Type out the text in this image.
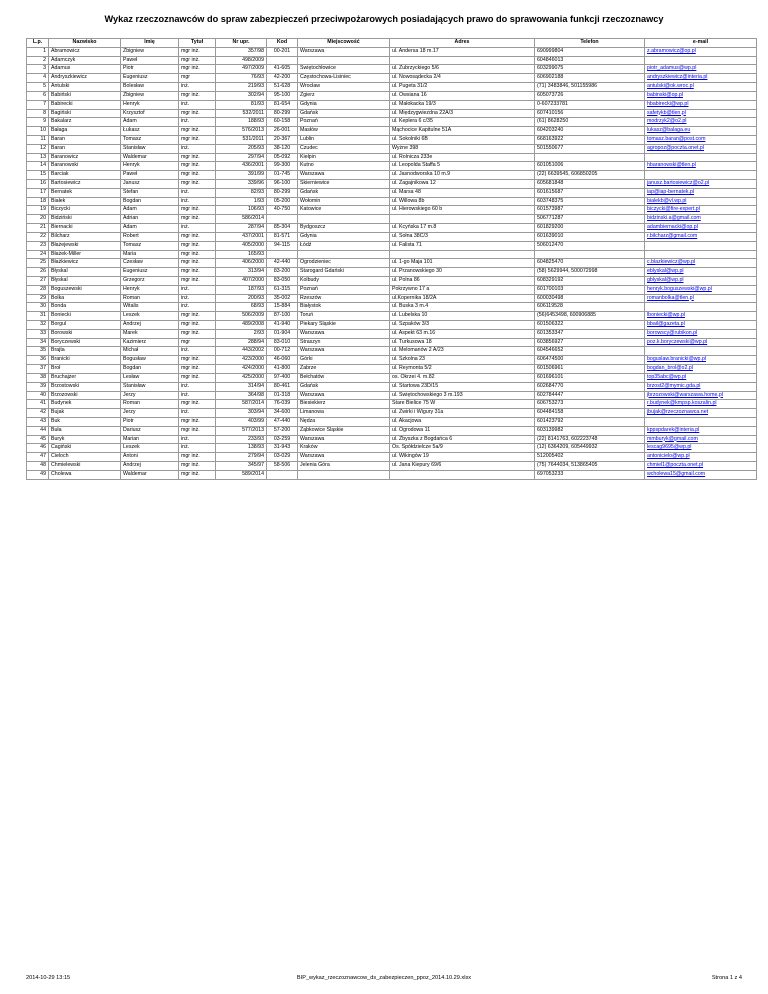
Wykaz rzeczoznawców do spraw zabezpieczeń przeciwpożarowych posiadających prawo do sprawowania funkcji rzeczoznawcy
L.p.	Nazwisko	Imię	Tytuł	Nr upr.	Kod	Miejscowość	Adres	Telefon	e-mail
1	Abramowicz	Zbigniew	mgr inż.	357/98	00-201	Warszawa	ul. Andersa 18 m.17	690999804	z.abramowicz@op.pl
2	Adamczyk	Paweł	mgr inż.	498/2009				604846013	
3	Adamus	Piotr	mgr inż.	497/2009	41-605	Świętochłowice	ul. Zubrzyckiego 5/6	603299075	piotr_adamus@wp.pl
4	Andryszkiewicz	Eugeniusz	mgr	76/93	42-200	Częstochowa-Lisiniec	ul. Nowosądecka 2/4	606902188	andryszkiewicz@interia.pl
5	Antulski	Bolesław	inż.	219/93	51-628	Wrocław	ul. Pugeta 31/2	(71) 3483846, 501155986	antulski@ok.wroc.pl
6	Babiński	Zbigniew	mgr inż.	302/94	95-100	Zgierz	ul. Owsiana 16	605073726	babinski@op.pl
7	Babirecki	Henryk	inż.	81/93	81-654	Gdynia	ul. Małokacka 19/3	0-607233781	hbabirecki@wp.pl
8	Bagiński	Krzysztof	mgr inż.	532/2011	80-299	Gdańsk	ul. Międzygwiezdna 22A/3	607410156	safetykb@tlen.pl
9	Bakalarz	Adam	inż.	188/93	60-158	Poznań	ul. Keplera 6 c/35	(61) 8628250	modrzyk2@o2.pl
10	Bałaga	Łukasz	mgr inż.	576/2013	26-001	Masłów	Mąchocice Kapitulne 51A	604203240	lukasz@balaga.eu
11	Baran	Tomasz	mgr inż.	531/2011	20-367	Lublin	ul. Sokolniki 6B	668163922	tomasz.baran@post.com
12	Baran	Stanisław	inż.	205/93	38-120	Czudec	Wyżne 398	501550677	agropoz@poczta.onet.pl
13	Baranowicz	Waldemar	mgr inż.	297/94	05-092	Kiełpin	ul. Rolnicza 233e		
14	Baranowski	Henryk	mgr inż.	436/2001	99-300	Kutno	ul. Leopolda Staffa 5	601051006	hbaranowski@tlen.pl
15	Barciak	Paweł	mgr inż.	391/99	01-745	Warszawa	ul. Jasnodworska 10 m.9	(22) 6639545, 606850205	
16	Bartosiewicz	Janusz	mgr inż.	339/96	96-100	Skierniewice	ul. Zagajnikowa 12	605681848	janusz.bartosiewicz@o2.pl
17	Bernatek	Stefan	inż.	82/93	80-299	Gdańsk	ul. Marsa 48	601615687	iap@iap-bernatek.pl
18	Białek	Bogdan	inż.	1/93	05-200	Wołomin	ul. Willowa 8b	603748375	bialekb@vl.wp.pl
19	Biczycki	Adam	mgr inż.	106/93	40-750	Katowice	ul. Hierowskiego 60 b	601573987	biczycki@fire-expert.pl
20	Bidziński	Adrian	mgr inż.	586/2014				506771287	bidzinski.a@gmail.com
21	Biernacki	Adam	inż.	287/94	85-304	Bydgoszcz	ul. Kcyńska 17 m.8	601829200	adambiernacki@op.pl
22	Bilcharz	Robert	mgr inż.	437/2001	81-571	Gdynia	ul. Sołna 38C/3	601639010	r.bilcharz@gmail.com
23	Błażejewski	Tomasz	mgr inż.	405/2000	94-115	Łódź	ul. Falista 71	506012470	
24	Błażek-Miller	Maria	mgr inż.	165/93					
25	Błażkiewicz	Czesław	mgr inż.	406/2000	42-440	Ogrodzieniec	ul. 1-go Maja 101	604825470	c.blazkiewicz@wp.pl
26	Błyskal	Eugeniusz	mgr inż.	313/94	83-200	Starogard Gdański	ul. Przanowskiego 30	(58) 5629944, 500072998	eblyskal@wp.pl
27	Błyskal	Grzegorz	mgr inż.	407/2000	83-050	Kolbudy	ul. Polna 86	608329192	gblyskal@wp.pl
28	Boguszewski	Henryk	inż.	187/93	61-315	Poznań	Pokrzywno 17 a	601700103	henryk.boguszewski@wp.pl
29	Bolka	Roman	inż.	200/93	35-002	Rzeszów	ul.Kopernika 18/2A	600030498	romanbolka@tlen.pl
30	Bonda	Witalis	inż.	68/93	15-884	Białystok	ul. Buska 3 m.4	606119528	
31	Boniecki	Leszek	mgr inż.	506/2009	87-100	Toruń	ul. Lubelska 10	(56)6453498, 600906885	lboniecki@wp.pl
32	Borgul	Andrzej	mgr inż.	489/2008	41-940	Piekary Śląskie	ul. Szpaków 3/3	601506322	bbail@gazeta.pl
33	Borowski	Marek	mgr inż.	2/93	01-904	Warszawa	ul. Aspekt 63 m.16	601353347	borowscy@rubikon.pl
34	Boryczewski	Kazimierz	mgr	288/94	83-010	Straszyn	ul. Turkusowa 18	603856927	poz.k.boryczewski@wp.pl
35	Brajta	Michał	inż.	443/2002	00-712	Warszawa	ul. Melomanów 2 A/23	604546652	
36	Branicki	Bogusław	mgr inż.	423/2000	46-060	Górki	ul. Szkolna 23	606474500	boguslaw.branicki@wp.pl
37	Broł	Bogdan	mgr inż.	424/2000	41-800	Zabrze	ul. Reymonta 5/2	601506961	bogdan_brol@o2.pl
38	Bruchajzer	Lesław	mgr inż.	425/2000	97-400	Bełchatów	os. Okrzei 4. m.82	601696101	top35abc@wp.pl
39	Brzostowski	Stanisław	inż.	314/94	80-461	Gdańsk	ul. Startowa 23D/15	602684770	brzost2@mymic.gda.pl
40	Brzozowski	Jerzy	inż.	364/98	01-318	Warszawa	ul. Świętochowskiego 3 m.193	602784447	jbrzozowski@warszawa.home.pl
41	Budynek	Roman	mgr inż.	587/2014	76-039	Biesiekierz	Stare Bielice 75 W	606753273	r.budynek@kmpsp.koszalin.pl
42	Bujak	Jerzy	inż.	303/94	34-600	Limanowa	ul. Żwirki i Wigury 31a	604484158	jbujak@rzeczoznawca.net
43	Buk	Piotr	mgr inż.	403/99	47-440	Nędza	ul. Akacjowa	601423792	
44	Buła	Dariusz	mgr inż.	577/2013	57-200	Ząbkowice Śląskie	ul. Ogrodowa 11	603139982	kppspdarek@interia.pl
45	Buryk	Marian	inż.	233/93	03-259	Warszawa	ul. Zbyszka z Bogdańca 6	(22) 8141763, 602223748	mmburyk@gmail.com
46	Cagiński	Leszek	inż.	138/93	31-943	Kraków	Os. Spółdzielcze 5a/9	(12) 6364209, 605449932	lescag9695@wp.pl
47	Cieloch	Antoni	mgr inż.	279/94	03-029	Warszawa	ul. Wikingów 19	512005402	antonicielo@wp.pl
48	Chmielewski	Andrzej	mgr inż.	345/97	58-506	Jelenia Góra	ul. Jana Kiepury 69/6	(75) 7644034, 513865405	chmiel1@poczta.onet.pl
49	Cholewa	Waldemar	mgr inż.	589/2014				697053233	wcholewa15@gmail.com
2014-10-29 13:15	BIP_wykaz_rzeczoznawcow_ds_zabezpieczen_ppoz_2014.10.29.xlsx	Strona 1 z 4
